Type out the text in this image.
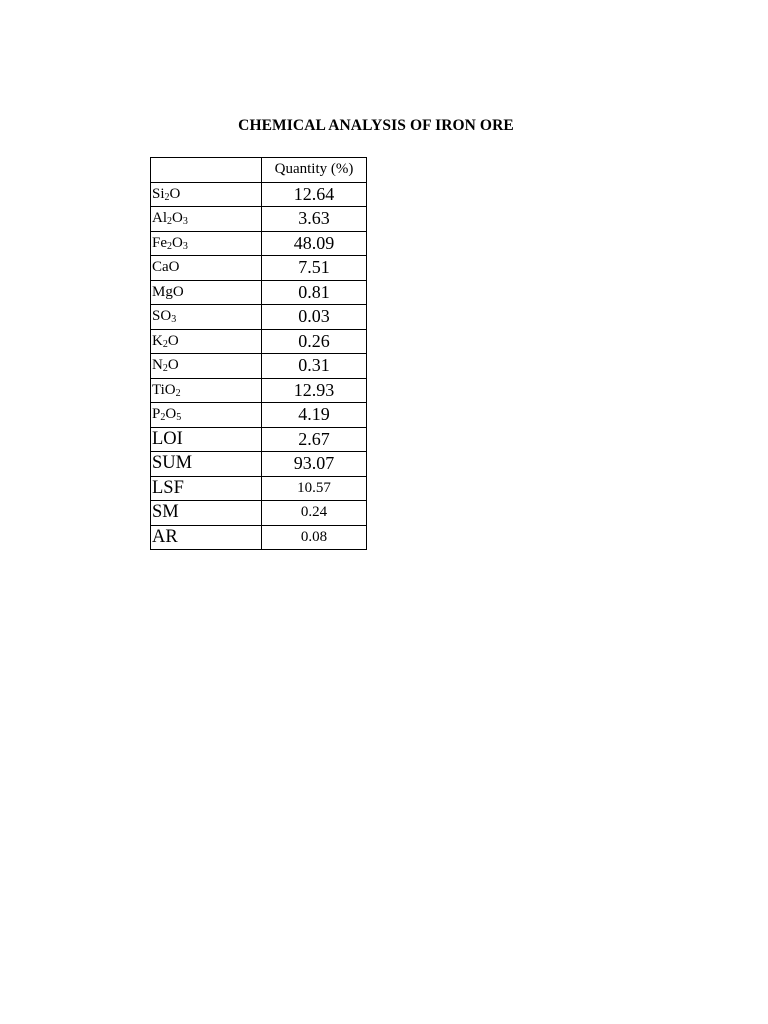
CHEMICAL ANALYSIS OF IRON ORE
	Quantity (%)
$Si_2O$	12.64
$Al_2O_3$	3.63
$Fe_2O_3$	48.09
CaO	7.51
MgO	0.81
$SO_3$	0.03
$K_2O$	0.26
$N_2O$	0.31
TiO$_2$	12.93
$P_2O_5$	4.19
LOI	2.67
SUM	93.07
LSF	10.57
SM	0.24
AR	0.08
